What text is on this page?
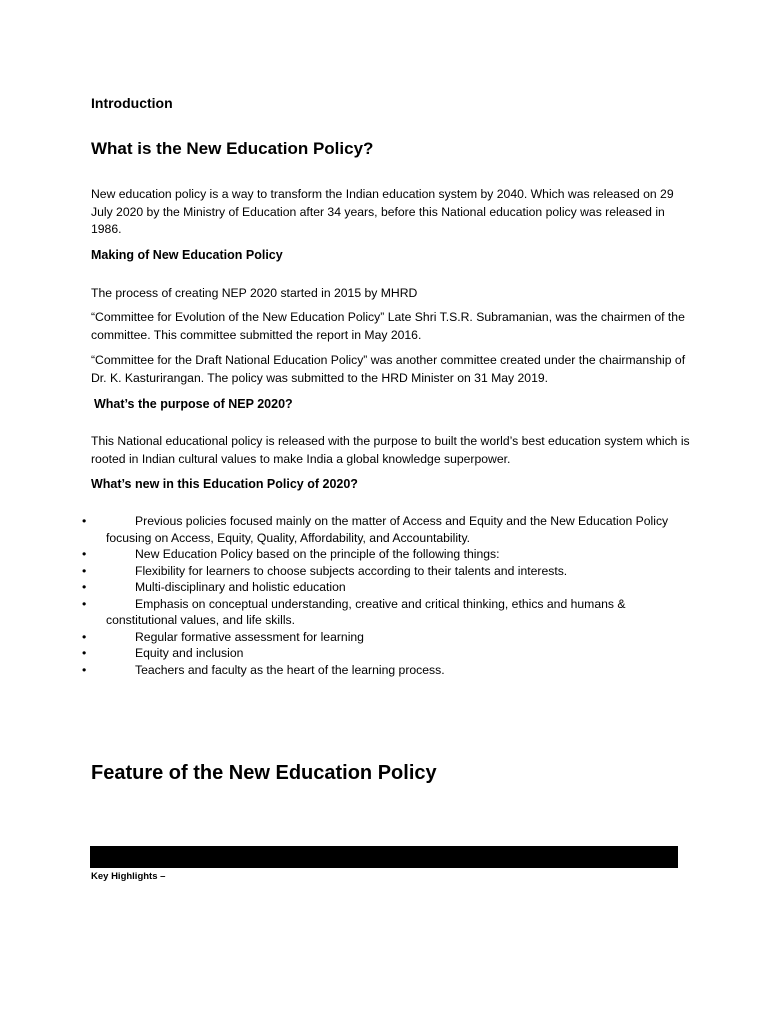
Introduction
What is the New Education Policy?
New education policy is a way to transform the Indian education system by 2040. Which was released on 29 July 2020 by the Ministry of Education after 34 years, before this National education policy was released in 1986.
Making of New Education Policy
The process of creating NEP 2020 started in 2015 by MHRD
“Committee for Evolution of the New Education Policy” Late Shri T.S.R. Subramanian, was the chairmen of the committee. This committee submitted the report in May 2016.
“Committee for the Draft National Education Policy” was another committee created under the chairmanship of Dr. K. Kasturirangan. The policy was submitted to the HRD Minister on 31 May 2019.
What’s the purpose of NEP 2020?
This National educational policy is released with the purpose to built the world’s best education system which is rooted in Indian cultural values to make India a global knowledge superpower.
What’s new in this Education Policy of 2020?
•	Previous policies focused mainly on the matter of Access and Equity and the New Education Policy focusing on Access, Equity, Quality, Affordability, and Accountability.
•	New Education Policy based on the principle of the following things:
•	Flexibility for learners to choose subjects according to their talents and interests.
•	Multi-disciplinary and holistic education
•	Emphasis on conceptual understanding, creative and critical thinking, ethics and humans & constitutional values, and life skills.
•	Regular formative assessment for learning
•	Equity and inclusion
•	Teachers and faculty as the heart of the learning process.
Feature of the New Education Policy
Key Highlights –
